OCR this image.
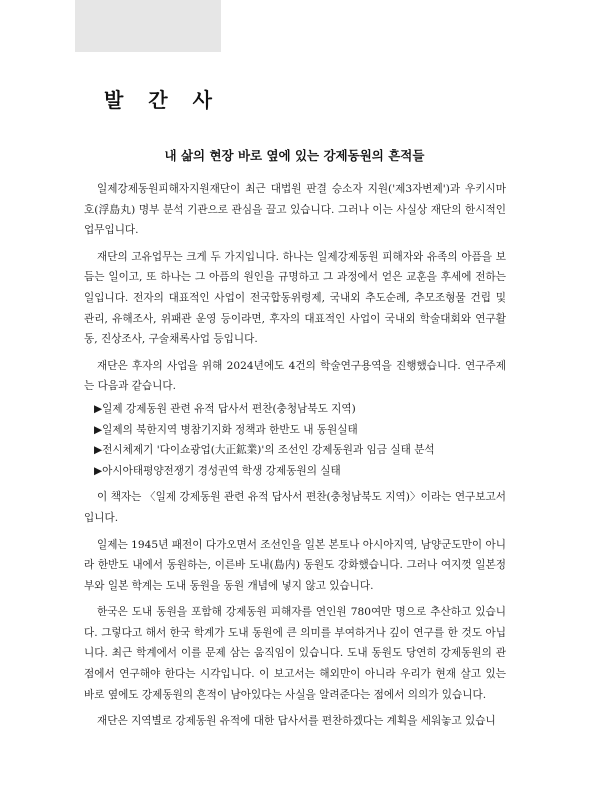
발 간 사
내 삶의 현장 바로 옆에 있는 강제동원의 흔적들

일제강제동원피해자지원재단이 최근 대법원 판결 승소자 지원('제3자변제')과 우키시마호(浮島丸) 명부 분석 기관으로 관심을 끌고 있습니다. 그러나 이는 사실상 재단의 한시적인 업무입니다.

재단의 고유업무는 크게 두 가지입니다. 하나는 일제강제동원 피해자와 유족의 아픔을 보듬는 일이고, 또 하나는 그 아픔의 원인을 규명하고 그 과정에서 얻은 교훈을 후세에 전하는 일입니다. 전자의 대표적인 사업이 전국합동위령제, 국내외 추도순례, 추모조형물 건립 및 관리, 유해조사, 위패관 운영 등이라면, 후자의 대표적인 사업이 국내외 학술대회와 연구활동, 진상조사, 구술채록사업 등입니다.

재단은 후자의 사업을 위해 2024년에도 4건의 학술연구용역을 진행했습니다. 연구주제는 다음과 같습니다.

▶일제 강제동원 관련 유적 답사서 편찬(충청남북도 지역)
▶일제의 북한지역 병참기지화 정책과 한반도 내 동원실태
▶전시체제기 '다이쇼광업(大正鉱業)'의 조선인 강제동원과 임금 실태 분석
▶아시아태평양전쟁기 경성권역 학생 강제동원의 실태

이 책자는 〈일제 강제동원 관련 유적 답사서 편찬(충청남북도 지역)〉이라는 연구보고서입니다.

일제는 1945년 패전이 다가오면서 조선인을 일본 본토나 아시아지역, 남양군도만이 아니라 한반도 내에서 동원하는, 이른바 도내(島内) 동원도 강화했습니다. 그러나 여지껏 일본정부와 일본 학계는 도내 동원을 동원 개념에 넣지 않고 있습니다.

한국은 도내 동원을 포함해 강제동원 피해자를 연인원 780여만 명으로 추산하고 있습니다. 그렇다고 해서 한국 학계가 도내 동원에 큰 의미를 부여하거나 깊이 연구를 한 것도 아닙니다. 최근 학계에서 이를 문제 삼는 움직임이 있습니다. 도내 동원도 당연히 강제동원의 관점에서 연구해야 한다는 시각입니다. 이 보고서는 해외만이 아니라 우리가 현재 살고 있는 바로 옆에도 강제동원의 흔적이 남아있다는 사실을 알려준다는 점에서 의의가 있습니다.

재단은 지역별로 강제동원 유적에 대한 답사서를 편찬하겠다는 계획을 세워놓고 있습니
